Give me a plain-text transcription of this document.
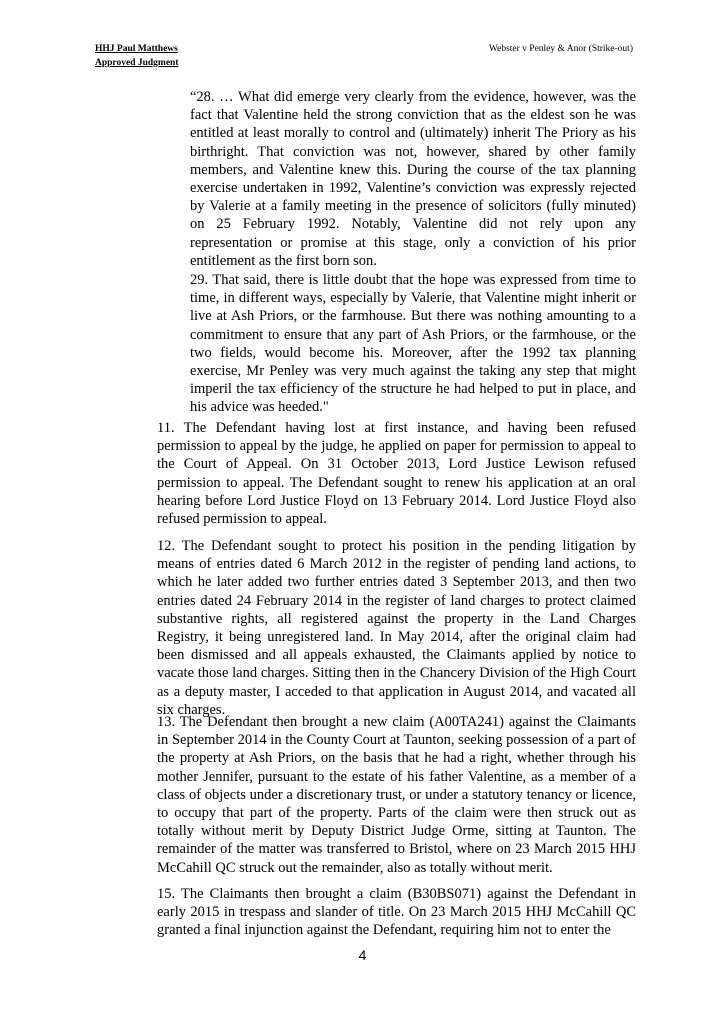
HHJ Paul Matthews
Approved Judgment
Webster v Penley & Anor (Strike-out)

“28. … What did emerge very clearly from the evidence, however, was the fact that Valentine held the strong conviction that as the eldest son he was entitled at least morally to control and (ultimately) inherit The Priory as his birthright. That conviction was not, however, shared by other family members, and Valentine knew this. During the course of the tax planning exercise undertaken in 1992, Valentine’s conviction was expressly rejected by Valerie at a family meeting in the presence of solicitors (fully minuted) on 25 February 1992. Notably, Valentine did not rely upon any representation or promise at this stage, only a conviction of his prior entitlement as the first born son.

29. That said, there is little doubt that the hope was expressed from time to time, in different ways, especially by Valerie, that Valentine might inherit or live at Ash Priors, or the farmhouse. But there was nothing amounting to a commitment to ensure that any part of Ash Priors, or the farmhouse, or the two fields, would become his. Moreover, after the 1992 tax planning exercise, Mr Penley was very much against the taking any step that might imperil the tax efficiency of the structure he had helped to put in place, and his advice was heeded."

11. The Defendant having lost at first instance, and having been refused permission to appeal by the judge, he applied on paper for permission to appeal to the Court of Appeal. On 31 October 2013, Lord Justice Lewison refused permission to appeal. The Defendant sought to renew his application at an oral hearing before Lord Justice Floyd on 13 February 2014. Lord Justice Floyd also refused permission to appeal.

12. The Defendant sought to protect his position in the pending litigation by means of entries dated 6 March 2012 in the register of pending land actions, to which he later added two further entries dated 3 September 2013, and then two entries dated 24 February 2014 in the register of land charges to protect claimed substantive rights, all registered against the property in the Land Charges Registry, it being unregistered land. In May 2014, after the original claim had been dismissed and all appeals exhausted, the Claimants applied by notice to vacate those land charges. Sitting then in the Chancery Division of the High Court as a deputy master, I acceded to that application in August 2014, and vacated all six charges.

13. The Defendant then brought a new claim (A00TA241) against the Claimants in September 2014 in the County Court at Taunton, seeking possession of a part of the property at Ash Priors, on the basis that he had a right, whether through his mother Jennifer, pursuant to the estate of his father Valentine, as a member of a class of objects under a discretionary trust, or under a statutory tenancy or licence, to occupy that part of the property. Parts of the claim were then struck out as totally without merit by Deputy District Judge Orme, sitting at Taunton. The remainder of the matter was transferred to Bristol, where on 23 March 2015 HHJ McCahill QC struck out the remainder, also as totally without merit.

15. The Claimants then brought a claim (B30BS071) against the Defendant in early 2015 in trespass and slander of title. On 23 March 2015 HHJ McCahill QC granted a final injunction against the Defendant, requiring him not to enter the

4
